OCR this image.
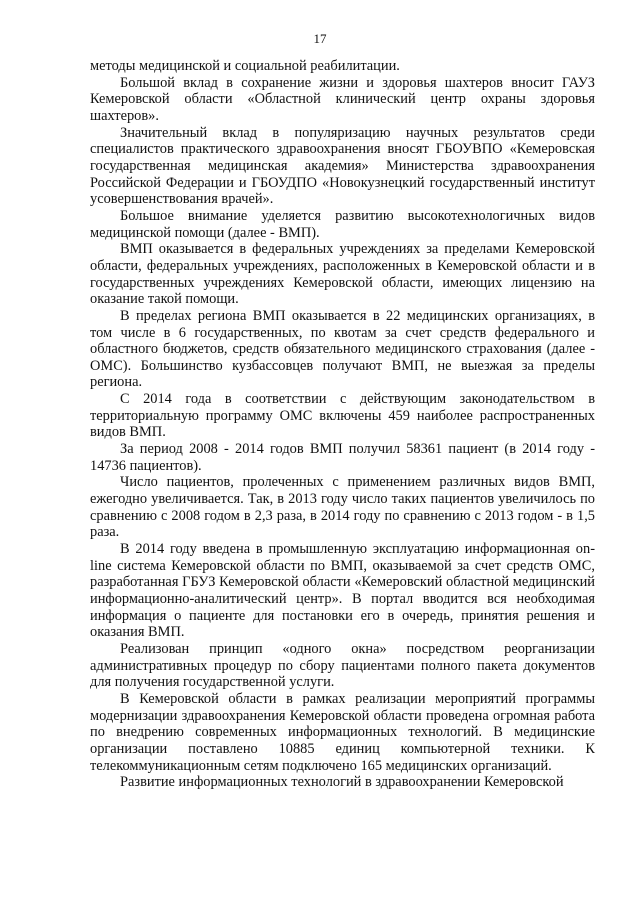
17

методы медицинской и социальной реабилитации.

Большой вклад в сохранение жизни и здоровья шахтеров вносит ГАУЗ Кемеровской области «Областной клинический центр охраны здоровья шахтеров».

Значительный вклад в популяризацию научных результатов среди специалистов практического здравоохранения вносят ГБОУВПО «Кемеровская государственная медицинская академия» Министерства здравоохранения Российской Федерации и ГБОУДПО «Новокузнецкий государственный институт усовершенствования врачей».

Большое внимание уделяется развитию высокотехнологичных видов медицинской помощи (далее - ВМП).

ВМП оказывается в федеральных учреждениях за пределами Кемеровской области, федеральных учреждениях, расположенных в Кемеровской области и в государственных учреждениях Кемеровской области, имеющих лицензию на оказание такой помощи.

В пределах региона ВМП оказывается в 22 медицинских организациях, в том числе в 6 государственных, по квотам за счет средств федерального и областного бюджетов, средств обязательного медицинского страхования (далее - ОМС). Большинство кузбассовцев получают ВМП, не выезжая за пределы региона.

С 2014 года в соответствии с действующим законодательством в территориальную программу ОМС включены 459 наиболее распространенных видов ВМП.

За период 2008 - 2014 годов ВМП получил 58361 пациент (в 2014 году - 14736 пациентов).

Число пациентов, пролеченных с применением различных видов ВМП, ежегодно увеличивается. Так, в 2013 году число таких пациентов увеличилось по сравнению с 2008 годом в 2,3 раза, в 2014 году по сравнению с 2013 годом - в 1,5 раза.

В 2014 году введена в промышленную эксплуатацию информационная on-line система Кемеровской области по ВМП, оказываемой за счет средств ОМС, разработанная ГБУЗ Кемеровской области «Кемеровский областной медицинский информационно-аналитический центр». В портал вводится вся необходимая информация о пациенте для постановки его в очередь, принятия решения и оказания ВМП.

Реализован принцип «одного окна» посредством реорганизации административных процедур по сбору пациентами полного пакета документов для получения государственной услуги.

В Кемеровской области в рамках реализации мероприятий программы модернизации здравоохранения Кемеровской области проведена огромная работа по внедрению современных информационных технологий. В медицинские организации поставлено 10885 единиц компьютерной техники. К телекоммуникационным сетям подключено 165 медицинских организаций.

Развитие информационных технологий в здравоохранении Кемеровской
